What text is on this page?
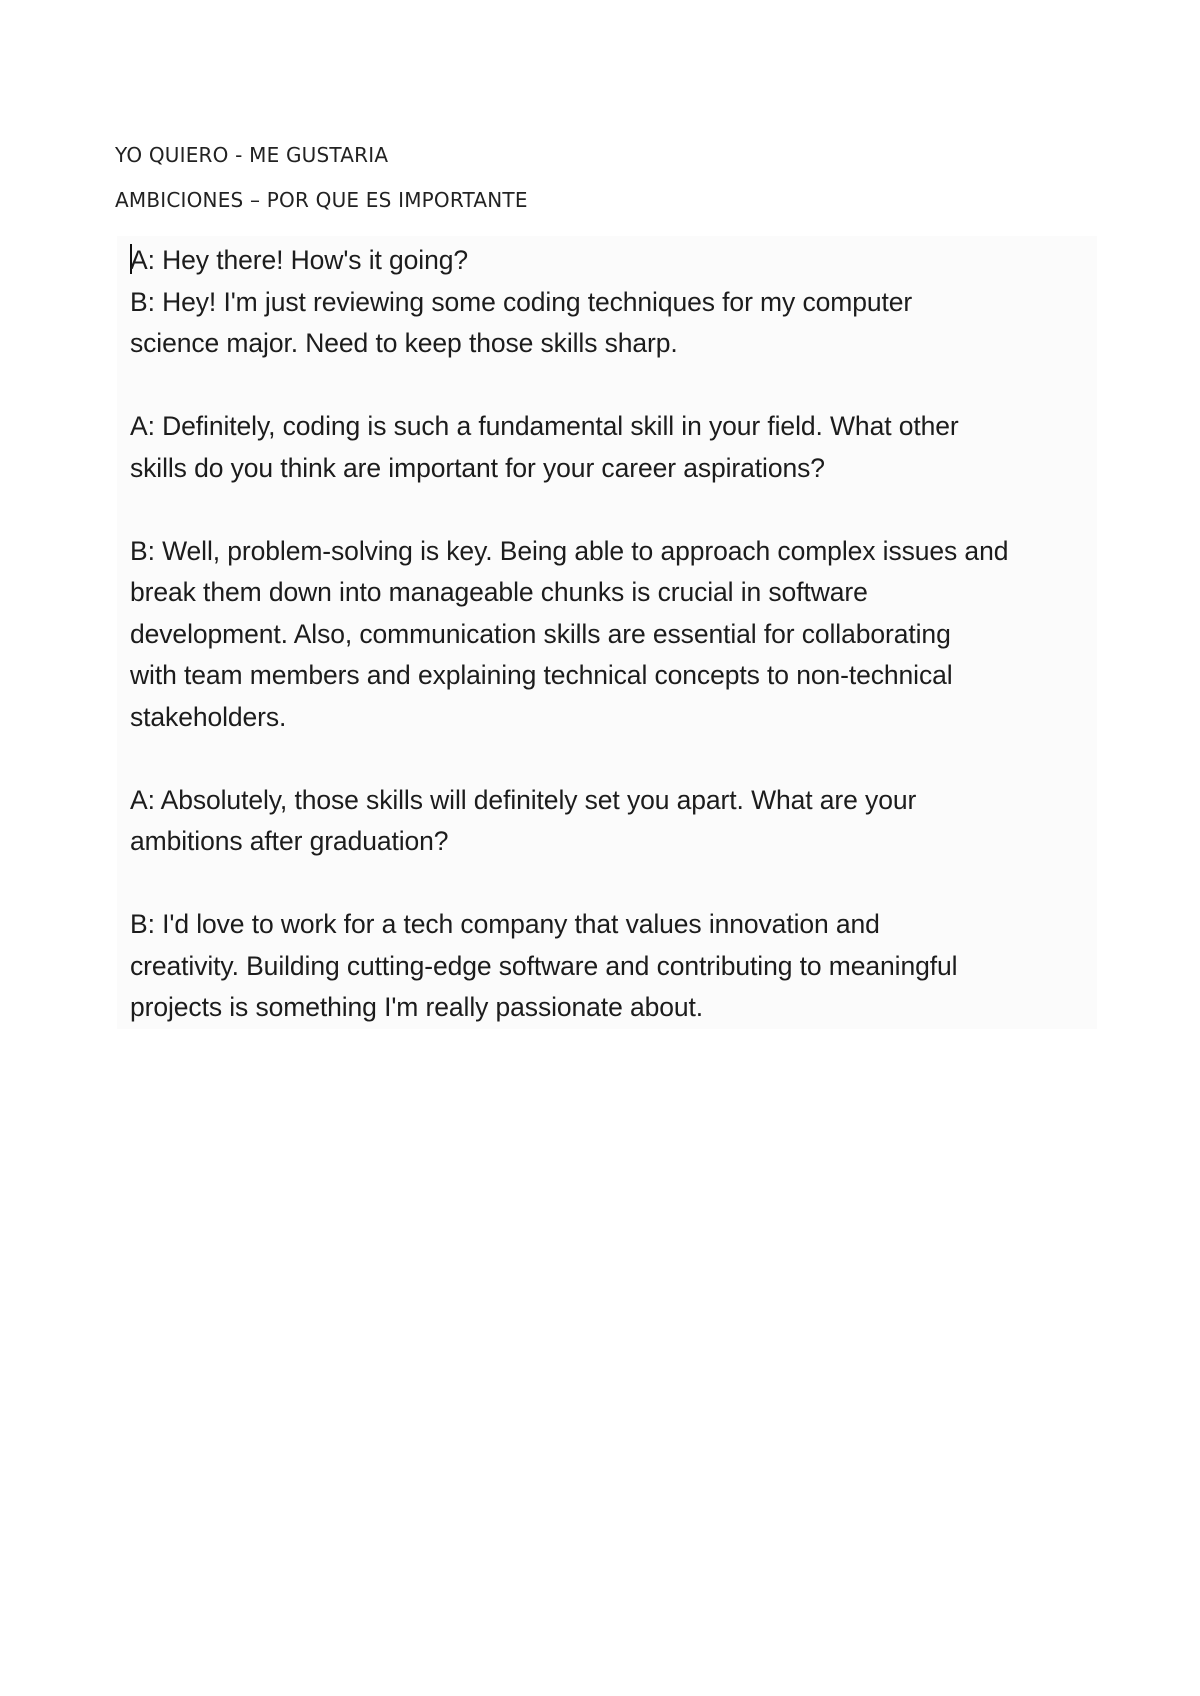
YO QUIERO - ME GUSTARIA

AMBICIONES – POR QUE ES IMPORTANTE

A: Hey there! How's it going?
B: Hey! I'm just reviewing some coding techniques for my computer
science major. Need to keep those skills sharp.
A: Definitely, coding is such a fundamental skill in your field. What other
skills do you think are important for your career aspirations?
B: Well, problem-solving is key. Being able to approach complex issues and
break them down into manageable chunks is crucial in software
development. Also, communication skills are essential for collaborating
with team members and explaining technical concepts to non-technical
stakeholders.
A: Absolutely, those skills will definitely set you apart. What are your
ambitions after graduation?
B: I'd love to work for a tech company that values innovation and
creativity. Building cutting-edge software and contributing to meaningful
projects is something I'm really passionate about.
